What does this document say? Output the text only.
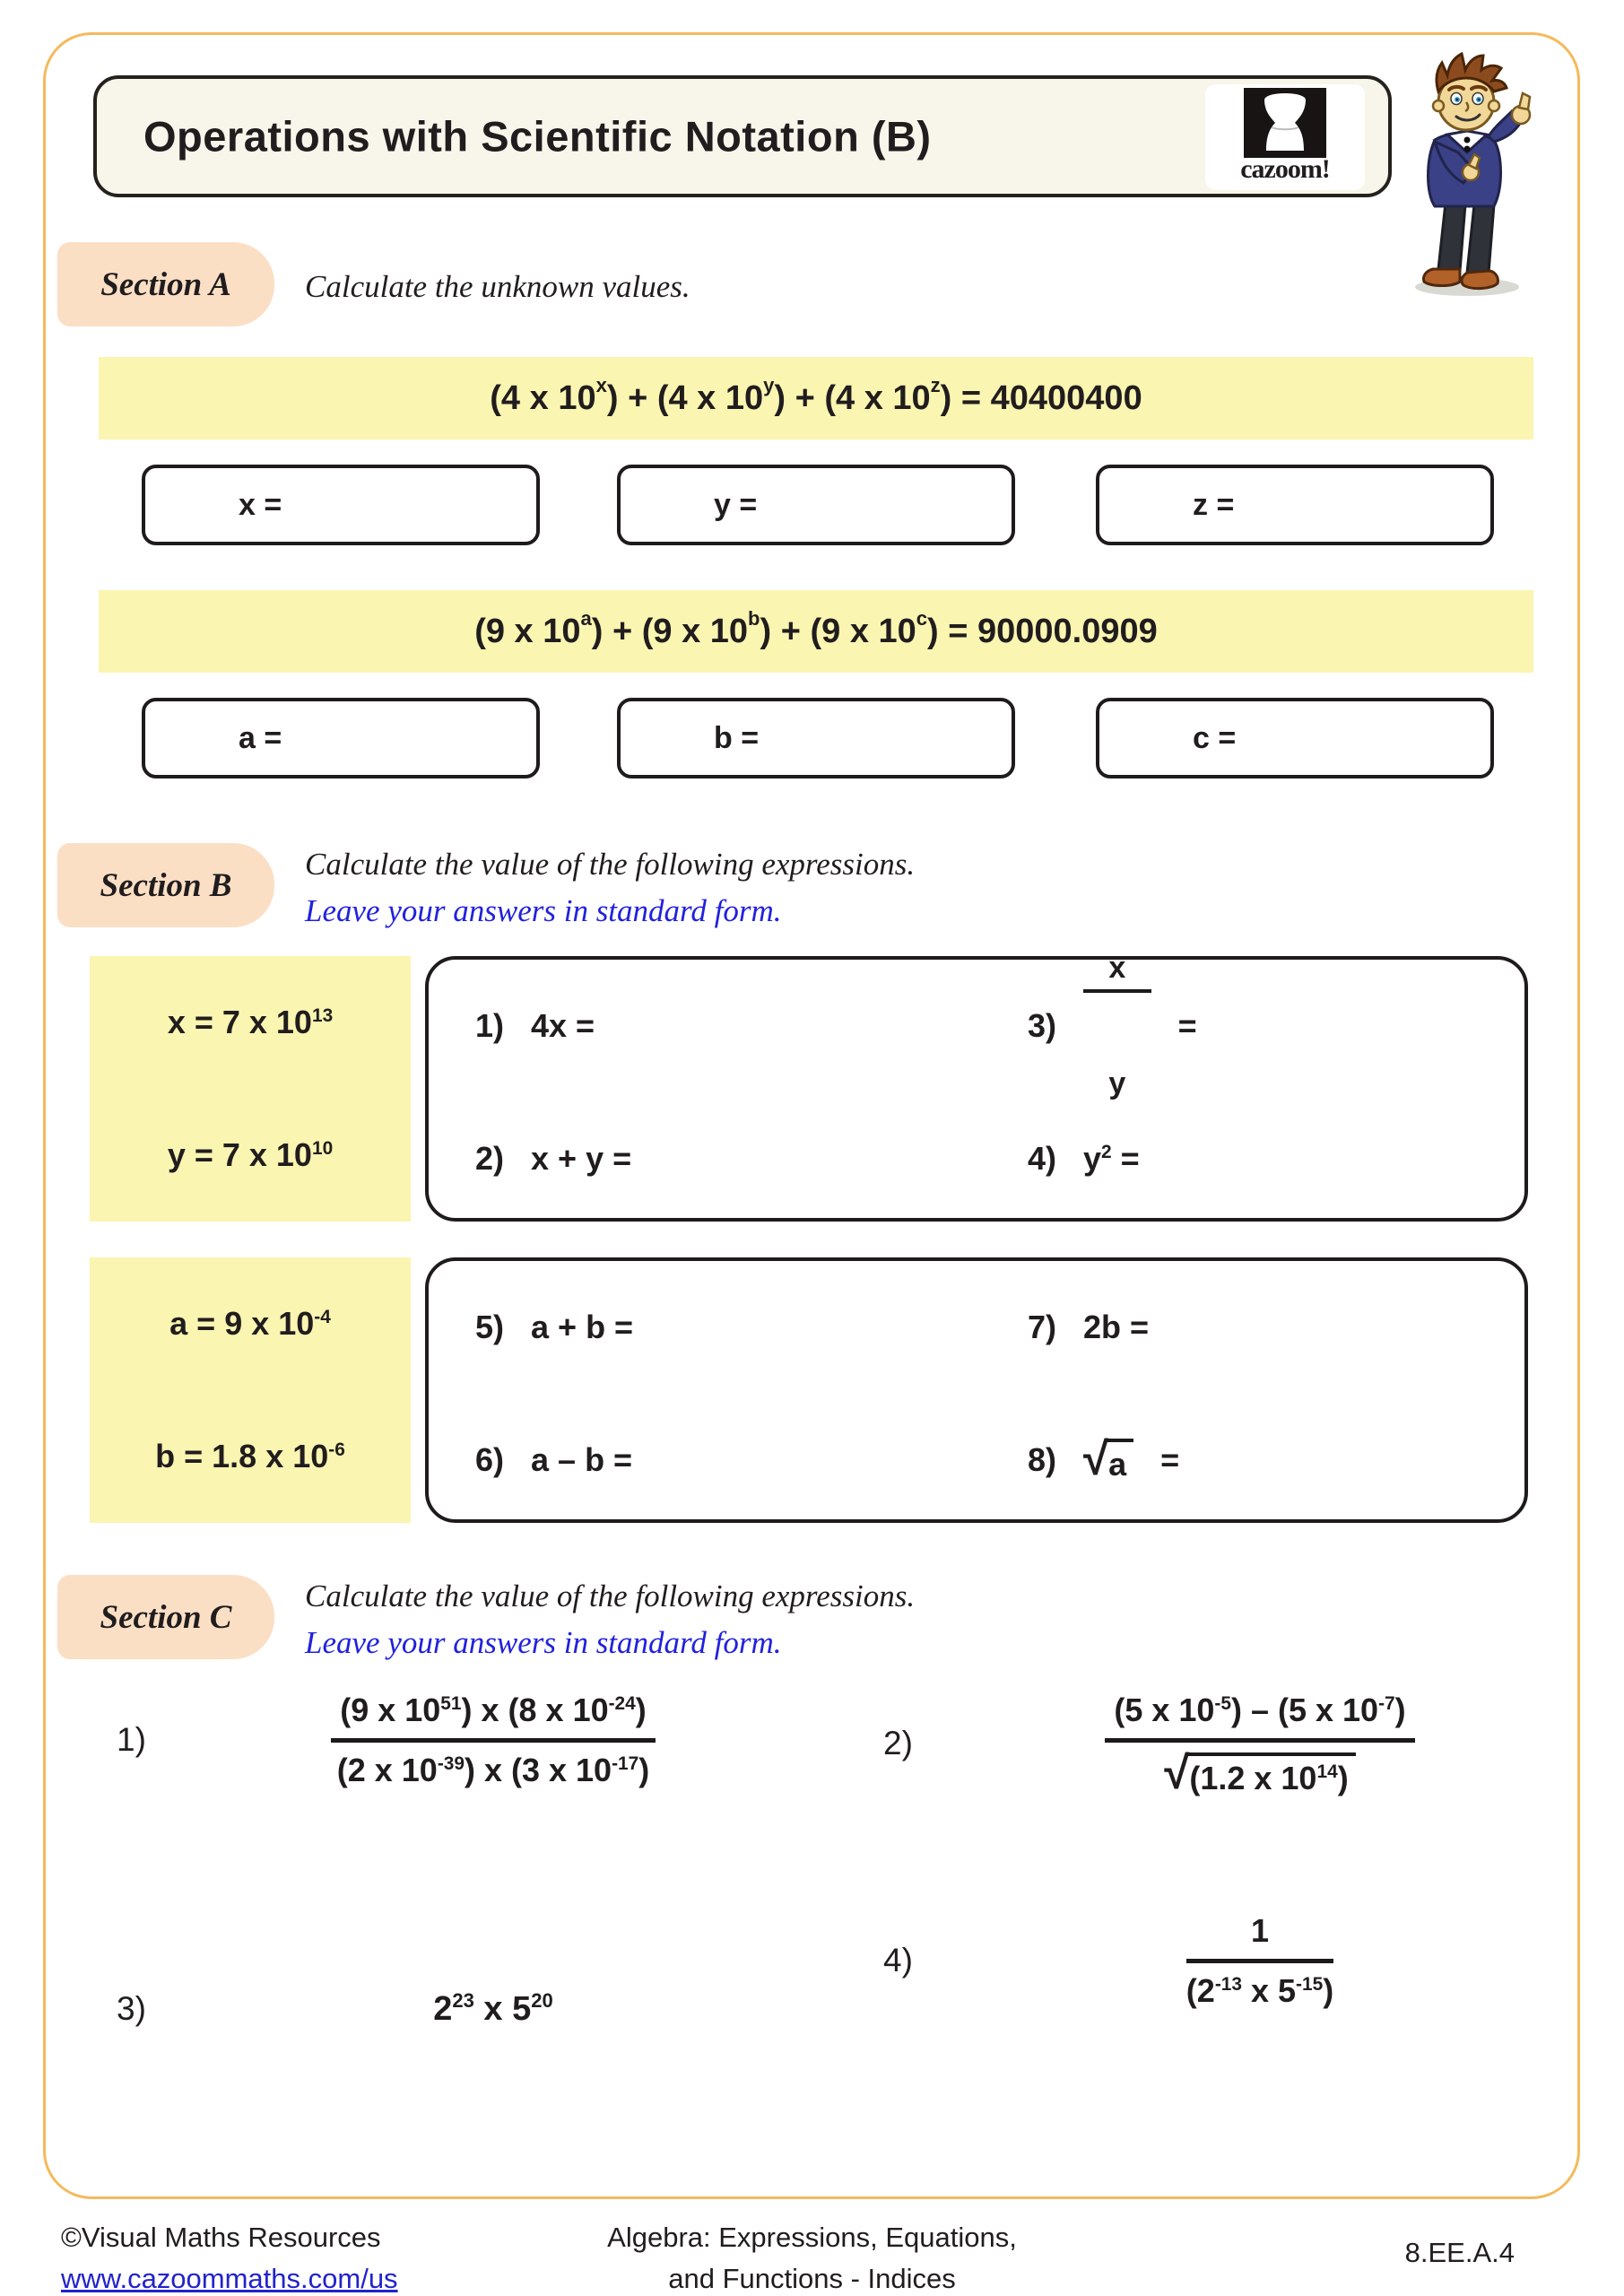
Operations with Scientific Notation (B)
cazoom!
Section A	Calculate the unknown values.
(4 x 10$^x$ ) + (4 x 10$^y$ ) + (4 x 10$^z$ ) = 40400400
x =	y =	z =
(9 x 10$^a$ ) + (9 x 10$^b$ ) + (9 x 10$^c$ ) = 90000.0909
a =	b =	c =
Section B
Calculate the value of the following expressions.
Leave your answers in standard form.
x = 7 x $10^{13}$
y = 7 x $10^{10}$
1) 4x =
2) x + y =
3)

$\frac{x}{y}$

=
4) $y^2$ =
a = 9 x $10^{-4}$
b = 1.8 x $10^{-6}$
5) a + b =
6) a – b =
7) 2b =
8) √ a =
Section C
Calculate the value of the following expressions.
Leave your answers in standard form.
1)	$\frac{(9 x 10^{51}) x (8 x 10^{-24})}{(2 x 10^{-39}) x (3 x 10^{-17})}$	2)	$\frac{(5 x 10^{-5}) - (5 x 10^{-7})}{√ (1.2 x 10^{14})}$
3)	$2^{23}$ x $5^{20}$
4)	$\frac{1}{(2^{-13} x 5^{-15})}$
©Visual Maths Resources
www.cazoommaths.com/us
Algebra: Expressions, Equations,
and Functions - Indices
8.EE.A.4
